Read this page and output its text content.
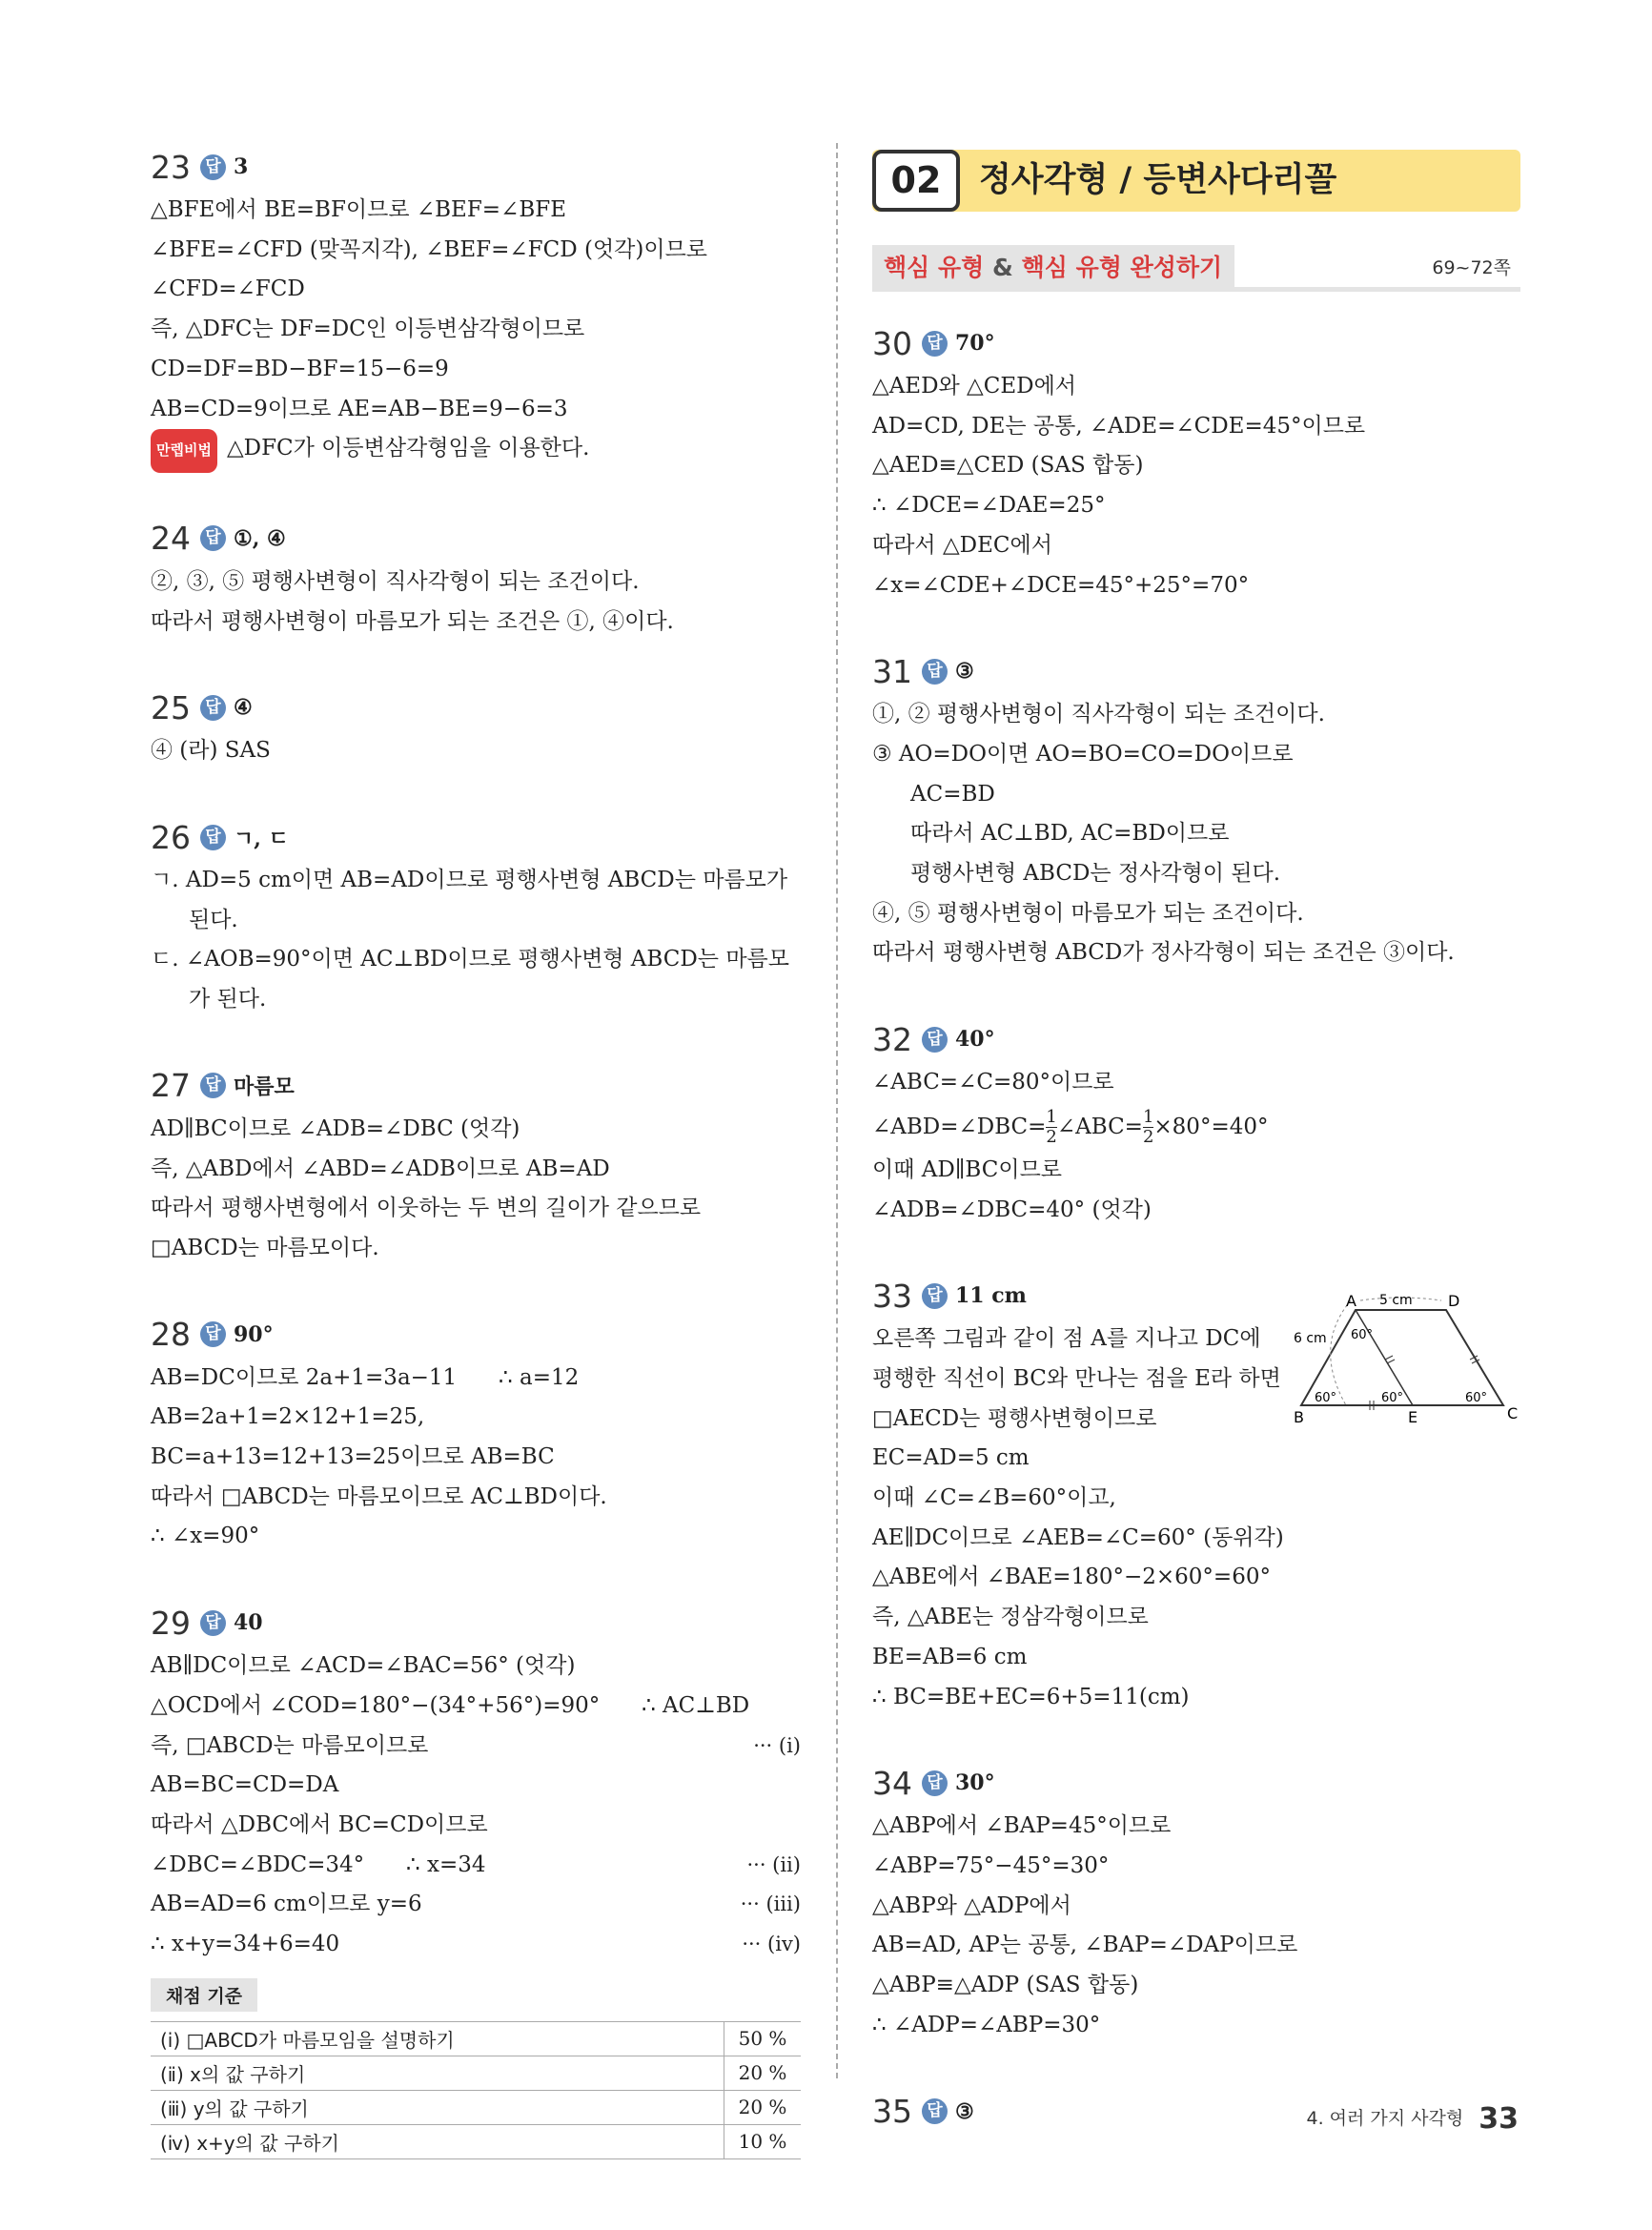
23 답 3
△BFE에서 BE=BF이므로 ∠BEF=∠BFE
∠BFE=∠CFD (맞꼭지각), ∠BEF=∠FCD (엇각)이므로
∠CFD=∠FCD
즉, △DFC는 DF=DC인 이등변삼각형이므로
CD=DF=BD−BF=15−6=9
AB=CD=9이므로 AE=AB−BE=9−6=3
만렙비법 △DFC가 이등변삼각형임을 이용한다.
24 답 ①, ④
②, ③, ⑤ 평행사변형이 직사각형이 되는 조건이다.
따라서 평행사변형이 마름모가 되는 조건은 ①, ④이다.
25 답 ④
④ (라) SAS
26 답 ㄱ, ㄷ
ㄱ. AD=5 cm이면 AB=AD이므로 평행사변형 ABCD는 마름모가 된다.
ㄷ. ∠AOB=90°이면 AC⊥BD이므로 평행사변형 ABCD는 마름모가 된다.
27 답 마름모
AD∥BC이므로 ∠ADB=∠DBC (엇각)
즉, △ABD에서 ∠ABD=∠ADB이므로 AB=AD
따라서 평행사변형에서 이웃하는 두 변의 길이가 같으므로
□ABCD는 마름모이다.
28 답 90°
AB=DC이므로 2a+1=3a−11      ∴ a=12
AB=2a+1=2×12+1=25,
BC=a+13=12+13=25이므로 AB=BC
따라서 □ABCD는 마름모이므로 AC⊥BD이다.
∴ ∠x=90°
29 답 40
AB∥DC이므로 ∠ACD=∠BAC=56° (엇각)
△OCD에서 ∠COD=180°−(34°+56°)=90°      ∴ AC⊥BD
즉, □ABCD는 마름모이므로	··· (ⅰ)
AB=BC=CD=DA
따라서 △DBC에서 BC=CD이므로
∠DBC=∠BDC=34°      ∴ x=34	··· (ⅱ)
AB=AD=6 cm이므로 y=6	··· (ⅲ)
∴ x+y=34+6=40	··· (ⅳ)
채점 기준
(ⅰ) □ABCD가 마름모임을 설명하기	50 %
(ⅱ) x의 값 구하기	20 %
(ⅲ) y의 값 구하기	20 %
(ⅳ) x+y의 값 구하기	10 %
02	정사각형 / 등변사다리꼴
핵심 유형 & 핵심 유형 완성하기	69~72쪽
30 답 70°
△AED와 △CED에서
AD=CD, DE는 공통, ∠ADE=∠CDE=45°이므로
△AED≡△CED (SAS 합동)
∴ ∠DCE=∠DAE=25°
따라서 △DEC에서
∠x=∠CDE+∠DCE=45°+25°=70°
31 답 ③
①, ② 평행사변형이 직사각형이 되는 조건이다.
③ AO=DO이면 AO=BO=CO=DO이므로
AC=BD
따라서 AC⊥BD, AC=BD이므로
평행사변형 ABCD는 정사각형이 된다.
④, ⑤ 평행사변형이 마름모가 되는 조건이다.
따라서 평행사변형 ABCD가 정사각형이 되는 조건은 ③이다.
32 답 40°
∠ABC=∠C=80°이므로
∠ABD=∠DBC= $\frac{1}{2}$ ∠ABC= $\frac{1}{2} \times 80^\circ=40^\circ$
이때 AD∥BC이므로
∠ADB=∠DBC=40° (엇각)
33 답 11 cm
오른쪽 그림과 같이 점 A를 지나고 DC에
평행한 직선이 BC와 만나는 점을 E라 하면
□AECD는 평행사변형이므로
EC=AD=5 cm
이때 ∠C=∠B=60°이고,
AE∥DC이므로 ∠AEB=∠C=60° (동위각)
△ABE에서 ∠BAE=180°−2×60°=60°
즉, △ABE는 정삼각형이므로
BE=AB=6 cm
∴ BC=BE+EC=6+5=11(cm)
34 답 30°
△ABP에서 ∠BAP=45°이므로
∠ABP=75°−45°=30°
△ABP와 △ADP에서
AB=AD, AP는 공통, ∠BAP=∠DAP이므로
△ABP≡△ADP (SAS 합동)
∴ ∠ADP=∠ABP=30°
35 답 ③
A	D
B	C
E
5 cm
6 cm 60°
60°	60°	60°
4. 여러 가지 사각형 33
